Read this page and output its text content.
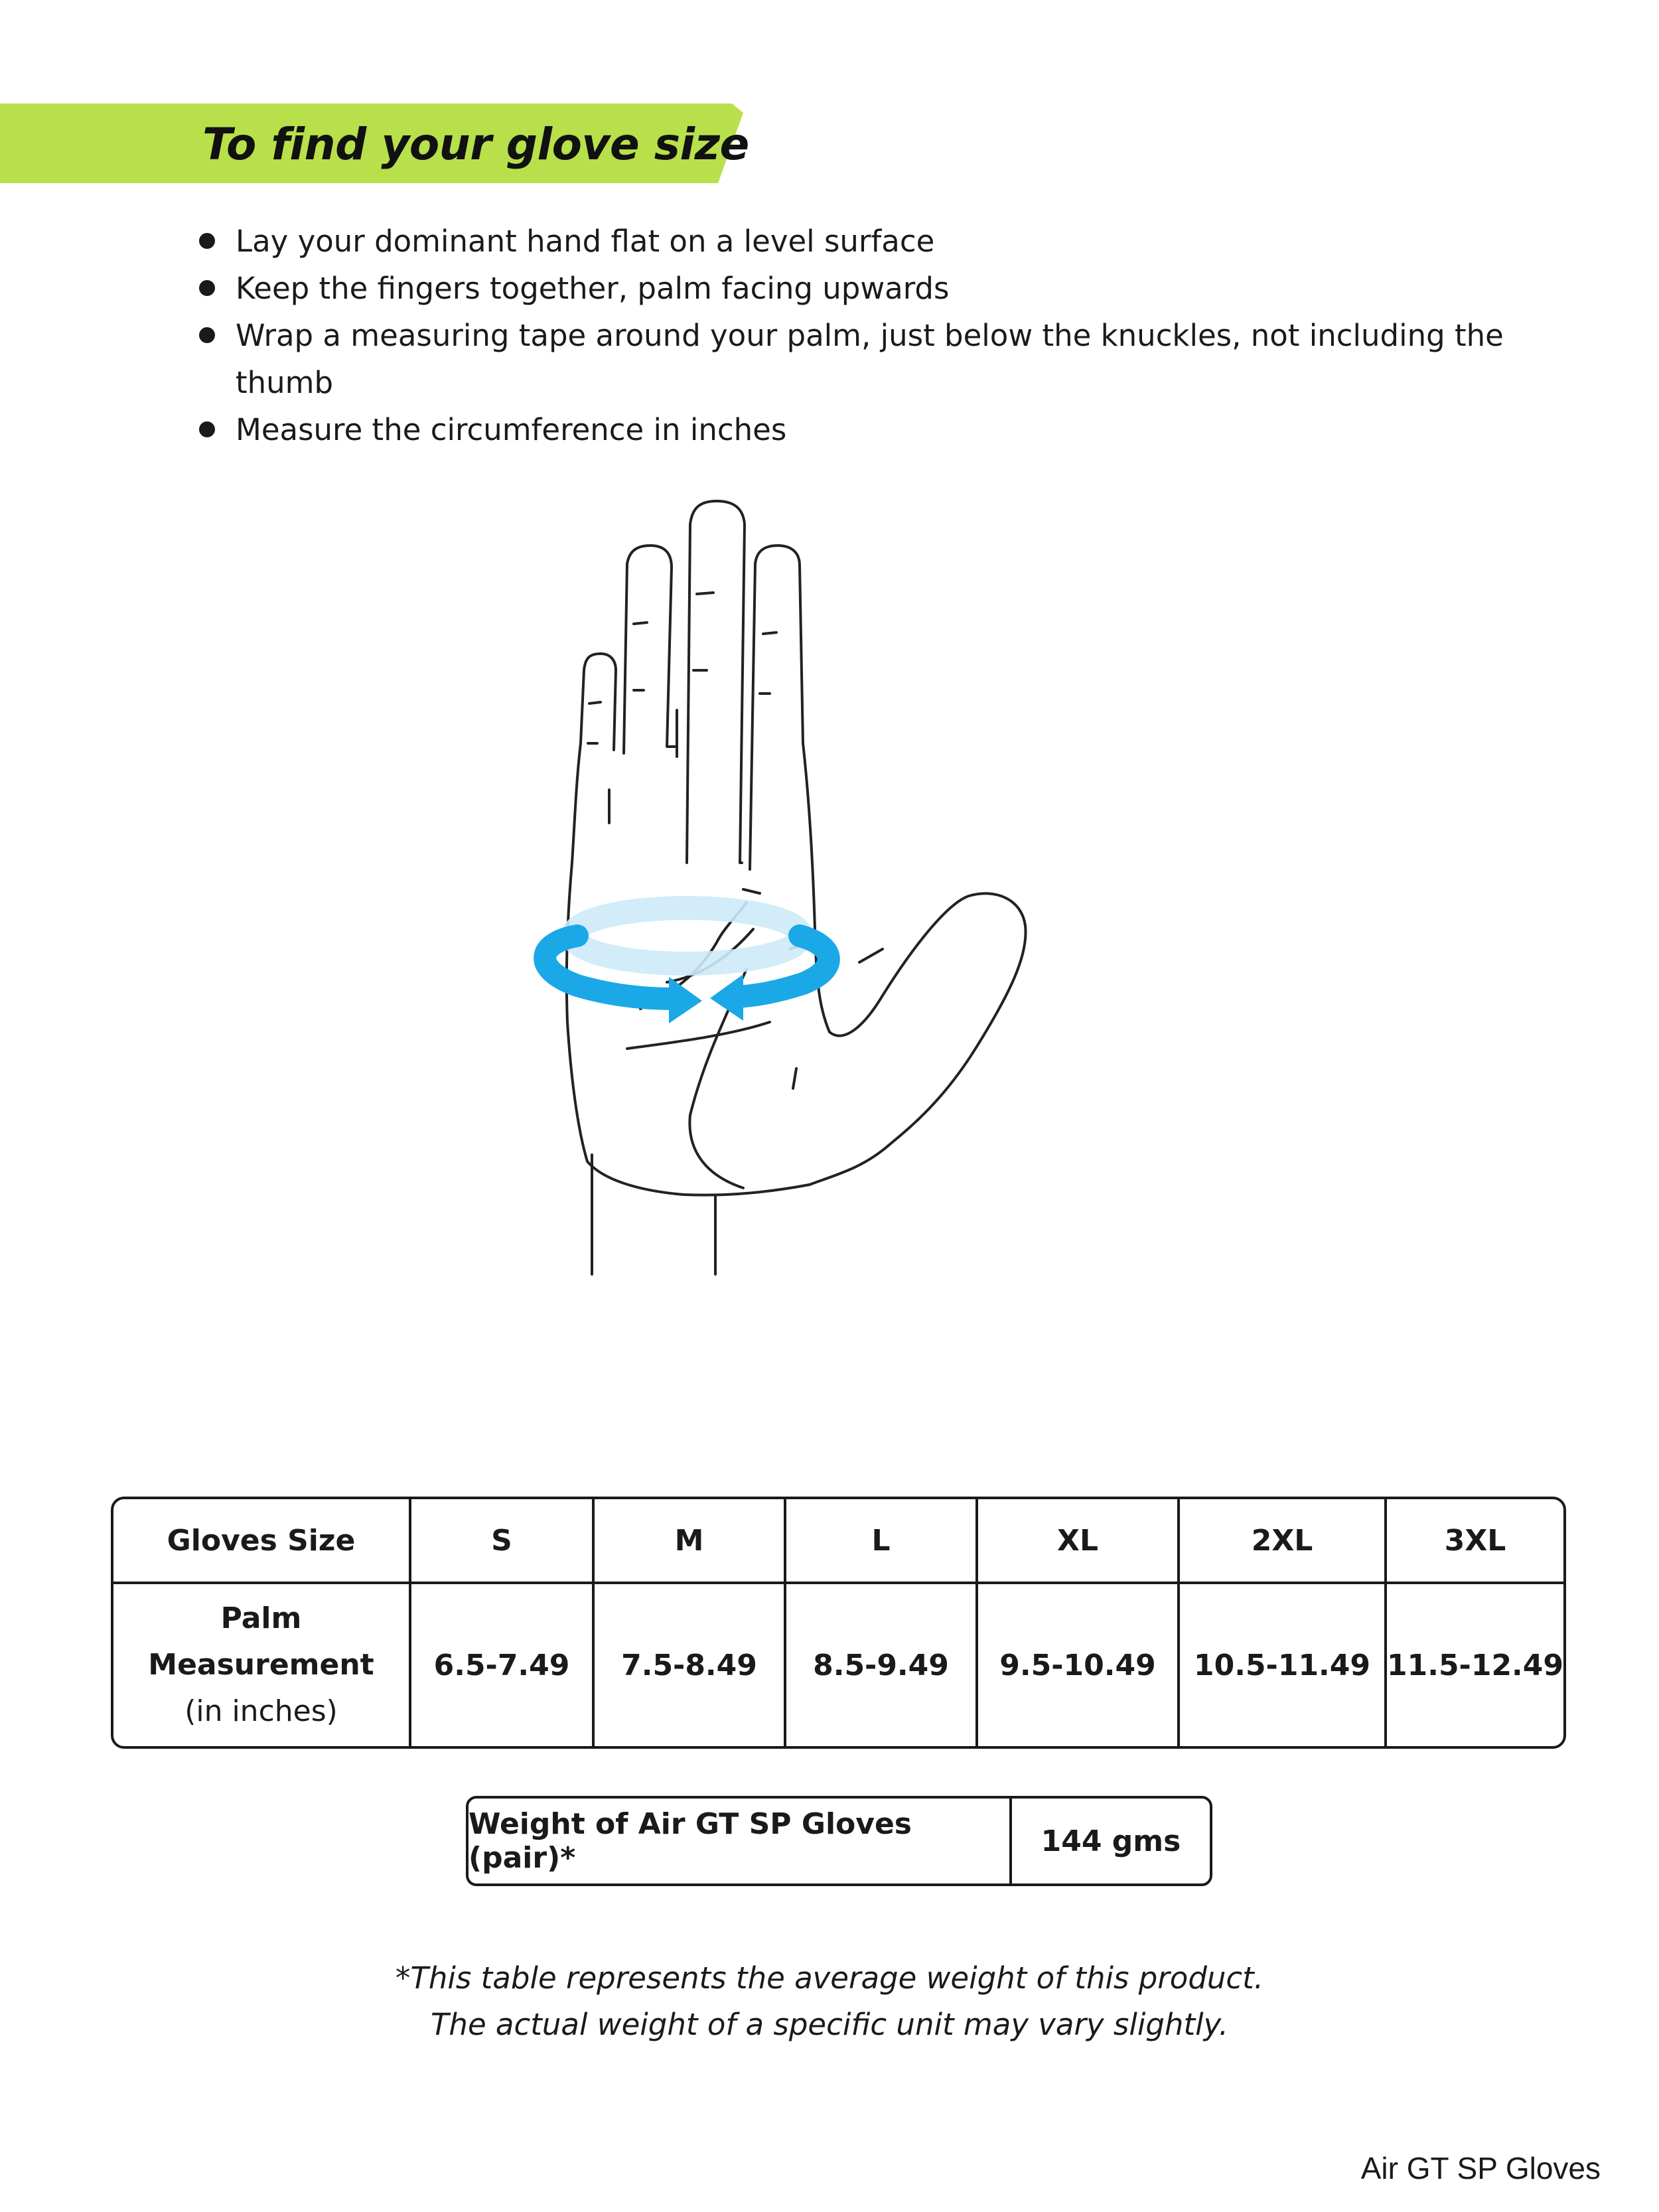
To find your glove size
Lay your dominant hand flat on a level surface
Keep the fingers together, palm facing upwards
Wrap a measuring tape around your palm, just below the knuckles, not including the thumb
Measure the circumference in inches
Gloves Size	S	M	L	XL	2XL	3XL

Palm
Measurement
(in inches)	6.5-7.49	7.5-8.49	8.5-9.49	9.5-10.49	10.5-11.49	11.5-12.49
Weight of Air GT SP Gloves (pair)*	144 gms
*This table represents the average weight of this product.
The actual weight of a specific unit may vary slightly.
Air GT SP Gloves
